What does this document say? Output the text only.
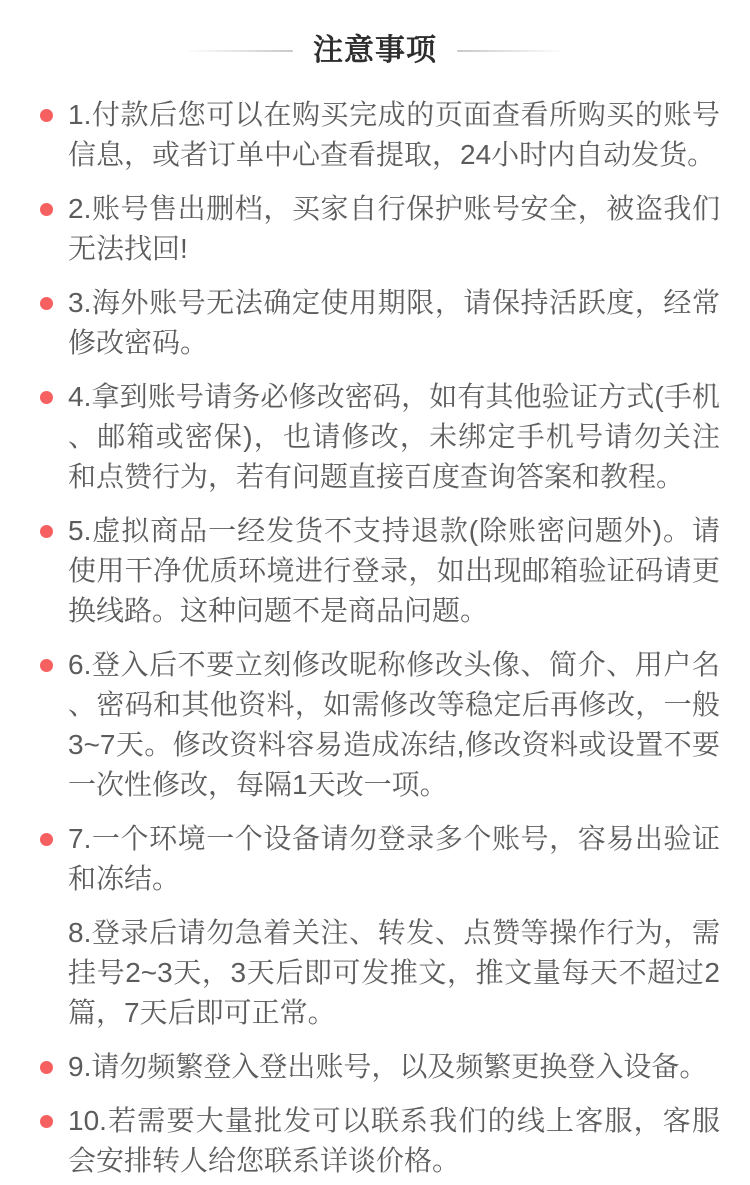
注意事项
1.付款后您可以在购买完成的页面查看所购买的账号信息，或者订单中心查看提取，24小时内自动发货。
2.账号售出删档，买家自行保护账号安全，被盗我们无法找回!
3.海外账号无法确定使用期限，请保持活跃度，经常修改密码。
4.拿到账号请务必修改密码，如有其他验证方式(手机、邮箱或密保)，也请修改，未绑定手机号请勿关注和点赞行为，若有问题直接百度查询答案和教程。
5.虚拟商品一经发货不支持退款(除账密问题外)。请使用干净优质环境进行登录，如出现邮箱验证码请更换线路。这种问题不是商品问题。
6.登入后不要立刻修改昵称修改头像、简介、用户名、密码和其他资料，如需修改等稳定后再修改，一般3~7天。修改资料容易造成冻结,修改资料或设置不要一次性修改，每隔1天改一项。
7.一个环境一个设备请勿登录多个账号，容易出验证和冻结。
8.登录后请勿急着关注、转发、点赞等操作行为，需挂号2~3天，3天后即可发推文，推文量每天不超过2篇，7天后即可正常。
9.请勿频繁登入登出账号，以及频繁更换登入设备。
10.若需要大量批发可以联系我们的线上客服，客服会安排转人给您联系详谈价格。
